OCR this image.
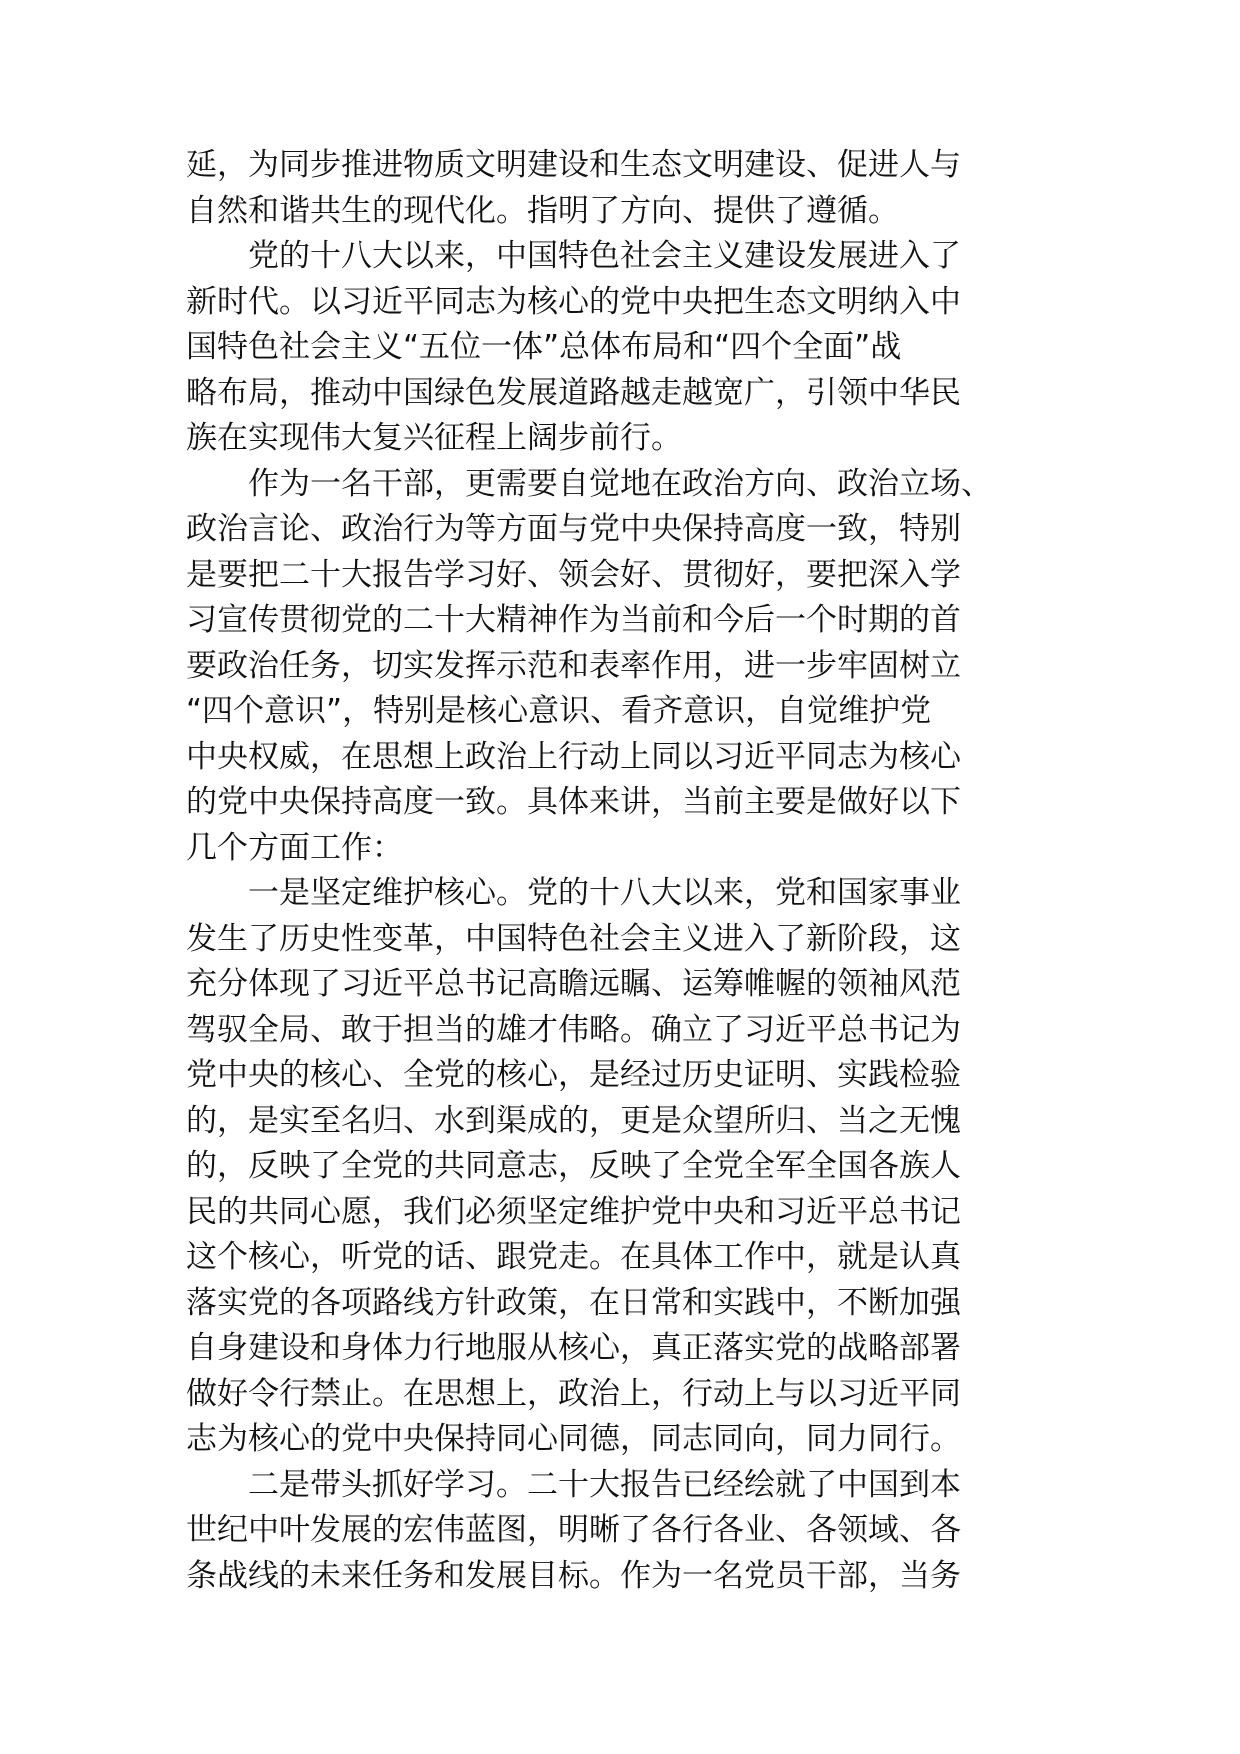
延，为同步推进物质文明建设和生态文明建设、促进人与
自然和谐共生的现代化。指明了方向、提供了遵循。
　　党的十八大以来，中国特色社会主义建设发展进入了
新时代。以习近平同志为核心的党中央把生态文明纳入中
国特色社会主义“五位一体”总体布局和“四个全面”战
略布局，推动中国绿色发展道路越走越宽广，引领中华民
族在实现伟大复兴征程上阔步前行。
　　作为一名干部，更需要自觉地在政治方向、政治立场、
政治言论、政治行为等方面与党中央保持高度一致，特别
是要把二十大报告学习好、领会好、贯彻好，要把深入学
习宣传贯彻党的二十大精神作为当前和今后一个时期的首
要政治任务，切实发挥示范和表率作用，进一步牢固树立
“四个意识”，特别是核心意识、看齐意识，自觉维护党
中央权威，在思想上政治上行动上同以习近平同志为核心
的党中央保持高度一致。具体来讲，当前主要是做好以下
几个方面工作：
　　一是坚定维护核心。党的十八大以来，党和国家事业
发生了历史性变革，中国特色社会主义进入了新阶段，这
充分体现了习近平总书记高瞻远瞩、运筹帷幄的领袖风范
驾驭全局、敢于担当的雄才伟略。确立了习近平总书记为
党中央的核心、全党的核心，是经过历史证明、实践检验
的，是实至名归、水到渠成的，更是众望所归、当之无愧
的，反映了全党的共同意志，反映了全党全军全国各族人
民的共同心愿，我们必须坚定维护党中央和习近平总书记
这个核心，听党的话、跟党走。在具体工作中，就是认真
落实党的各项路线方针政策，在日常和实践中，不断加强
自身建设和身体力行地服从核心，真正落实党的战略部署
做好令行禁止。在思想上，政治上，行动上与以习近平同
志为核心的党中央保持同心同德，同志同向，同力同行。
　　二是带头抓好学习。二十大报告已经绘就了中国到本
世纪中叶发展的宏伟蓝图，明晰了各行各业、各领域、各
条战线的未来任务和发展目标。作为一名党员干部，当务
